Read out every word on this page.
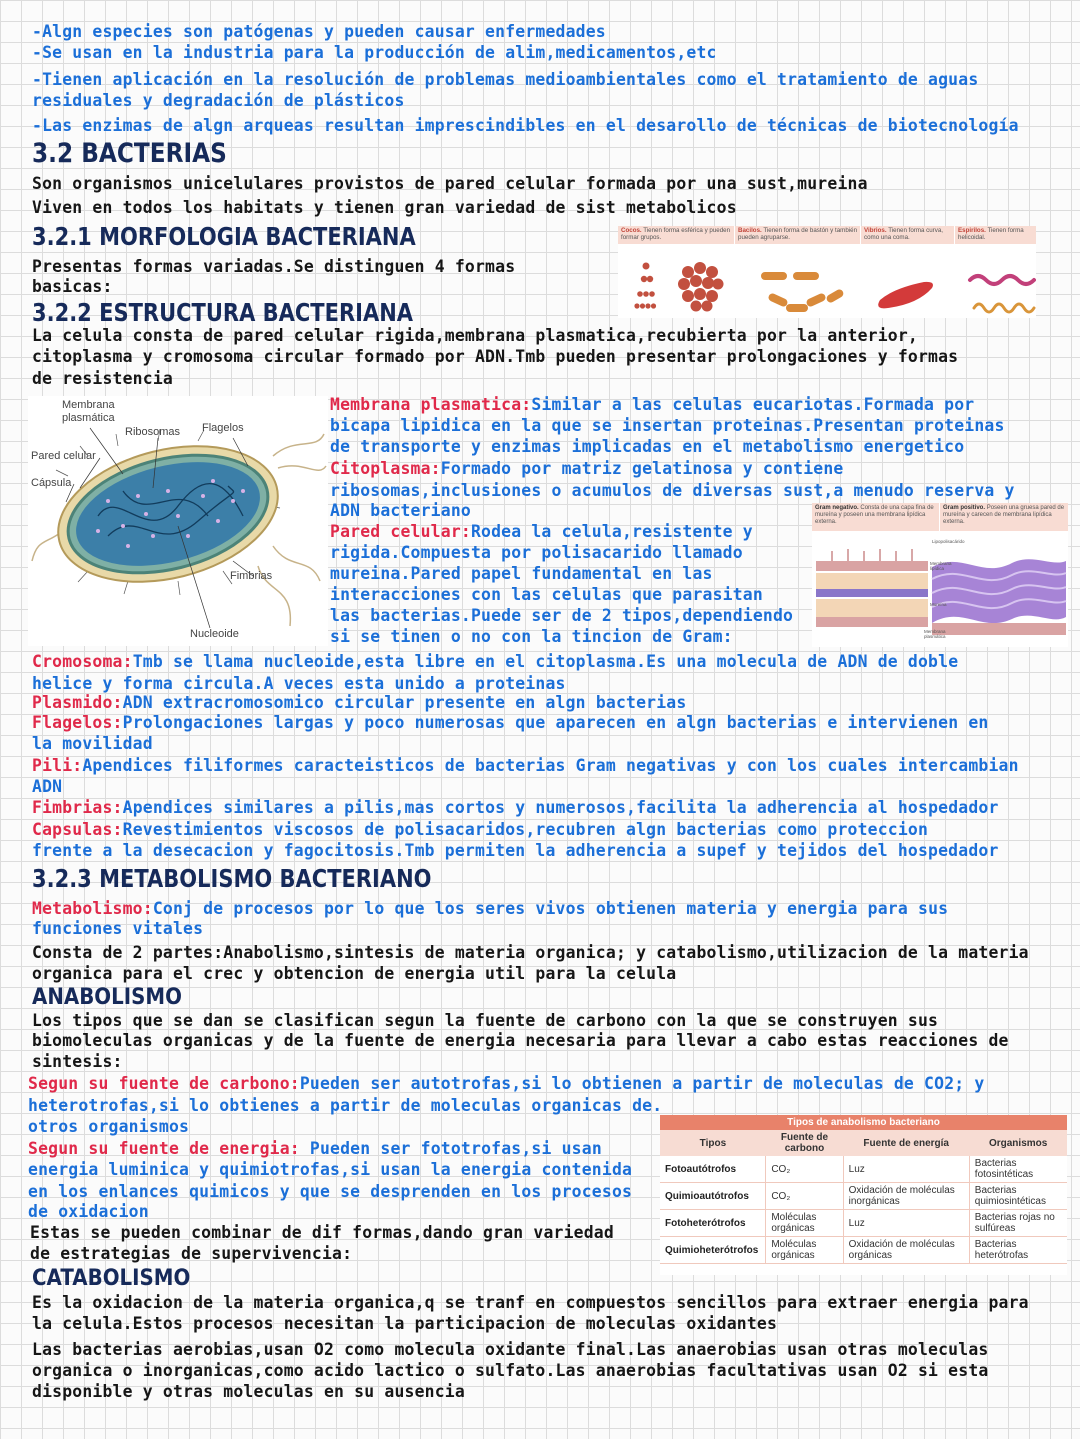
-Algn especies son patógenas y pueden causar enfermedades

-Se usan en la industria para la producción de alim,medicamentos,etc

-Tienen aplicación en la resolución de problemas medioambientales como el tratamiento de aguas

residuales y degradación de plásticos

-Las enzimas de algn arqueas resultan imprescindibles en el desarollo de técnicas de biotecnología

3.2 BACTERIAS

Son organismos unicelulares provistos de pared celular formada por una sust,mureina

Viven en todos los habitats y tienen gran variedad de sist metabolicos

3.2.1 MORFOLOGIA BACTERIANA

Presentas formas variadas.Se distinguen 4 formas

basicas:

Cocos. Tienen forma esférica y pueden formar grupos.
Bacilos. Tienen forma de bastón y también pueden agruparse.
Vibrios. Tienen forma curva, como una coma.
Espirilos. Tienen forma helicoidal.

3.2.2 ESTRUCTURA BACTERIANA

La celula consta de pared celular rigida,membrana plasmatica,recubierta por la anterior,

citoplasma y cromosoma circular formado por ADN.Tmb pueden presentar prolongaciones y formas

de resistencia

Membrana
plasmática
Ribosomas Flagelos
Pared celular
Cápsula
Fimbrias
Nucleoide

Membrana plasmatica:Similar a las celulas eucariotas.Formada por

bicapa lipidica en la que se insertan proteinas.Presentan proteinas

de transporte y enzimas implicadas en el metabolismo energetico

Citoplasma:Formado por matriz gelatinosa y contiene

ribosomas,inclusiones o acumulos de diversas sust,a menudo reserva y

ADN bacteriano

Pared celular:Rodea la celula,resistente y

rigida.Compuesta por polisacarido llamado

mureina.Pared papel fundamental en las

interacciones con las celulas que parasitan

las bacterias.Puede ser de 2 tipos,dependiendo

si se tinen o no con la tincion de Gram:

Gram negativo. Consta de una capa fina de mureína y poseen una membrana lipídica externa.
Gram positivo. Poseen una gruesa pared de mureína y carecen de membrana lipídica externa.
Lipopolisacárido
Membrana lipídica
Mureína
Membrana plasmática

Cromosoma:Tmb se llama nucleoide,esta libre en el citoplasma.Es una molecula de ADN de doble

helice y forma circula.A veces esta unido a proteinas

Plasmido:ADN extracromosomico circular presente en algn bacterias

Flagelos:Prolongaciones largas y poco numerosas que aparecen en algn bacterias e intervienen en

la movilidad

Pili:Apendices filiformes caracteisticos de bacterias Gram negativas y con los cuales intercambian

ADN

Fimbrias:Apendices similares a pilis,mas cortos y numerosos,facilita la adherencia al hospedador

Capsulas:Revestimientos viscosos de polisacaridos,recubren algn bacterias como proteccion

frente a la desecacion y fagocitosis.Tmb permiten la adherencia a supef y tejidos del hospedador

3.2.3 METABOLISMO BACTERIANO

Metabolismo:Conj de procesos por lo que los seres vivos obtienen materia y energia para sus

funciones vitales

Consta de 2 partes:Anabolismo,sintesis de materia organica; y catabolismo,utilizacion de la materia

organica para el crec y obtencion de energia util para la celula

ANABOLISMO

Los tipos que se dan se clasifican segun la fuente de carbono con la que se construyen sus

biomoleculas organicas y de la fuente de energia necesaria para llevar a cabo estas reacciones de

sintesis:

Segun su fuente de carbono:Pueden ser autotrofas,si lo obtienen a partir de moleculas de CO2; y

heterotrofas,si lo obtienes a partir de moleculas organicas de.

otros organismos

Segun su fuente de energia: Pueden ser fototrofas,si usan

energia luminica y quimiotrofas,si usan la energia contenida

en los enlances quimicos y que se desprenden en los procesos

de oxidacion

Estas se pueden combinar de dif formas,dando gran variedad

de estrategias de supervivencia:

Tipos de anabolismo bacteriano			
Tipos	Fuente de carbono	Fuente de energía	Organismos
Fotoautótrofos	CO₂	Luz	Bacterias fotosintéticas
Quimioautótrofos	CO₂	Oxidación de moléculas inorgánicas	Bacterias quimiosintéticas
Fotoheterótrofos	Moléculas orgánicas	Luz	Bacterias rojas no sulfúreas
Quimioheterótrofos	Moléculas orgánicas	Oxidación de moléculas orgánicas	Bacterias heterótrofas

CATABOLISMO

Es la oxidacion de la materia organica,q se tranf en compuestos sencillos para extraer energia para

la celula.Estos procesos necesitan la participacion de moleculas oxidantes

Las bacterias aerobias,usan O2 como molecula oxidante final.Las anaerobias usan otras moleculas

organica o inorganicas,como acido lactico o sulfato.Las anaerobias facultativas usan O2 si esta

disponible y otras moleculas en su ausencia
